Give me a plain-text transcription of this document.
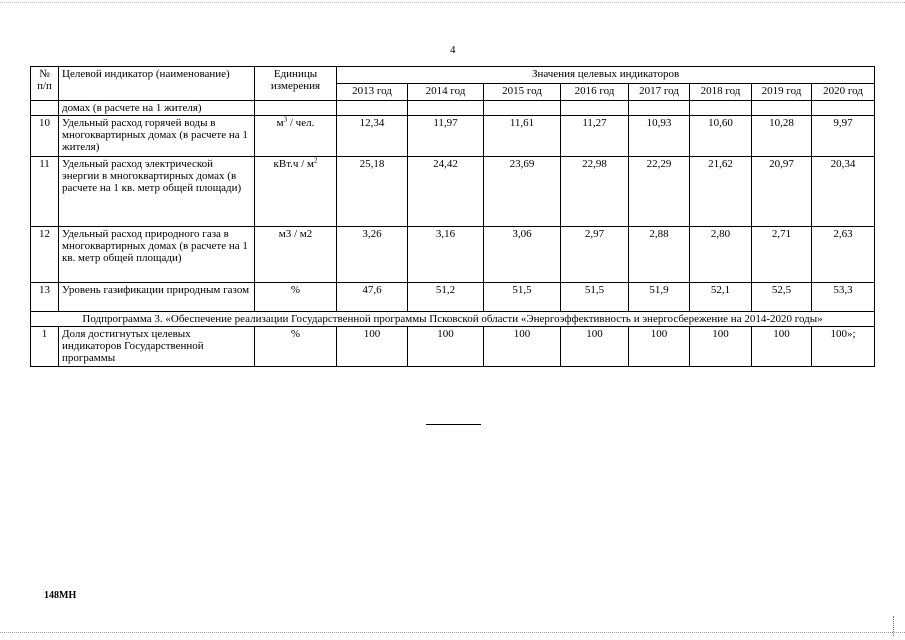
4
№ п/п	Целевой индикатор (наименование)	Единицы измерения	Значения целевых индикаторов							
			2013 год	2014 год	2015 год	2016 год	2017 год	2018 год	2019 год	2020 год
	домах (в расчете на 1 жителя)									
10	Удельный расход горячей воды в многоквартирных домах (в расчете на 1 жителя)	$м^3$ / чел.	12,34	11,97	11,61	11,27	10,93	10,60	10,28	9,97
11	Удельный расход электрической энергии в многоквартирных домах (в расчете на 1 кв. метр общей площади)	$кВт.ч / м^2$	25,18	24,42	23,69	22,98	22,29	21,62	20,97	20,34
12	Удельный расход природного газа в многоквартирных домах (в расчете на 1 кв. метр общей площади)	м3 / м2	3,26	3,16	3,06	2,97	2,88	2,80	2,71	2,63
13	Уровень газификации природным газом	%	47,6	51,2	51,5	51,5	51,9	52,1	52,5	53,3
Подпрограмма 3. «Обеспечение реализации Государственной программы Псковской области «Энергоэффективность и энергосбережение на 2014-2020 годы»										
1	Доля достигнутых целевых индикаторов Государственной программы	%	100	100	100	100	100	100	100	100»;
148МН
